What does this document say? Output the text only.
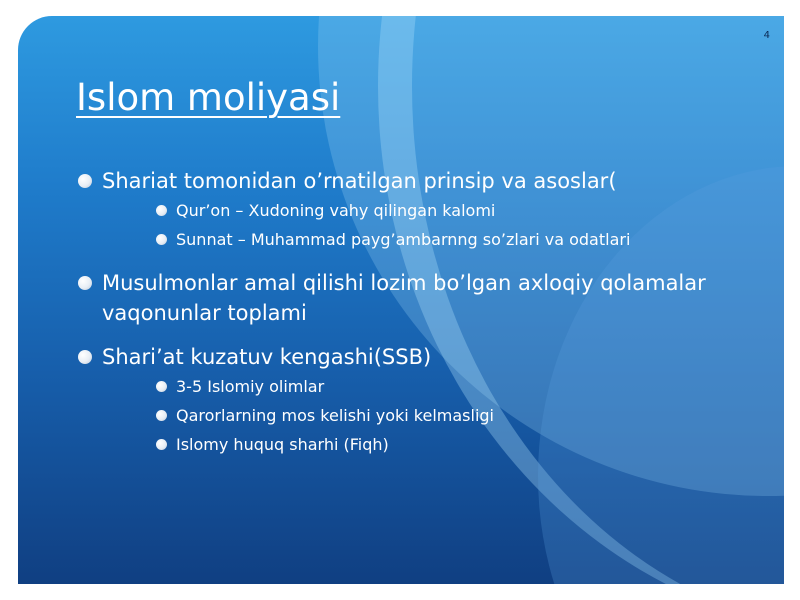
4
Islom moliyasi
Shariat tomonidan o’rnatilgan prinsip va asoslar(
Qur’on – Xudoning vahy qilingan kalomi
Sunnat – Muhammad payg’ambarnng so’zlari va odatlari
Musulmonlar amal qilishi lozim bo’lgan axloqiy qolamalar vaqonunlar toplami
Shari’at kuzatuv kengashi(SSB)
3-5 Islomiy olimlar
Qarorlarning mos kelishi yoki kelmasligi
Islomy huquq sharhi (Fiqh)
